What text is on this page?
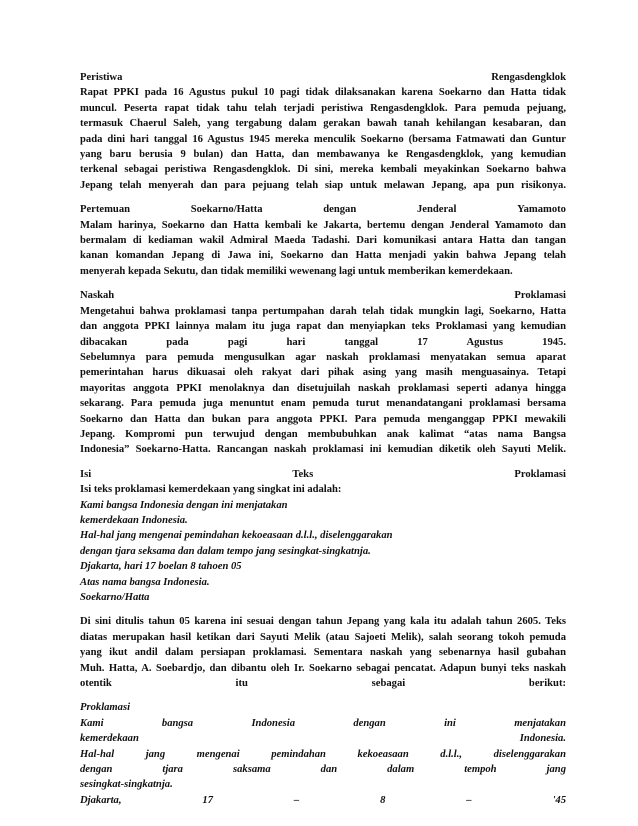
Peristiwa	Rengasdengklok
Rapat PPKI pada 16 Agustus pukul 10 pagi tidak dilaksanakan karena Soekarno dan Hatta tidak
muncul. Peserta rapat tidak tahu telah terjadi peristiwa Rengasdengklok. Para pemuda pejuang,
termasuk Chaerul Saleh, yang tergabung dalam gerakan bawah tanah kehilangan kesabaran, dan
pada dini hari tanggal 16 Agustus 1945 mereka menculik Soekarno (bersama Fatmawati dan Guntur
yang baru berusia 9 bulan) dan Hatta, dan membawanya ke Rengasdengklok, yang kemudian
terkenal sebagai peristiwa Rengasdengklok. Di sini, mereka kembali meyakinkan Soekarno bahwa
Jepang telah menyerah dan para pejuang telah siap untuk melawan Jepang, apa pun risikonya.
Pertemuan	Soekarno/Hatta	dengan	Jenderal	Yamamoto
Malam harinya, Soekarno dan Hatta kembali ke Jakarta, bertemu dengan Jenderal Yamamoto dan
bermalam di kediaman wakil Admiral Maeda Tadashi. Dari komunikasi antara Hatta dan tangan
kanan komandan Jepang di Jawa ini, Soekarno dan Hatta menjadi yakin bahwa Jepang telah
menyerah kepada Sekutu, dan tidak memiliki wewenang lagi untuk memberikan kemerdekaan.
Naskah	Proklamasi
Mengetahui bahwa proklamasi tanpa pertumpahan darah telah tidak mungkin lagi, Soekarno, Hatta
dan anggota PPKI lainnya malam itu juga rapat dan menyiapkan teks Proklamasi yang kemudian
dibacakan pada pagi hari tanggal 17 Agustus 1945.
Sebelumnya para pemuda mengusulkan agar naskah proklamasi menyatakan semua aparat
pemerintahan harus dikuasai oleh rakyat dari pihak asing yang masih menguasainya. Tetapi
mayoritas anggota PPKI menolaknya dan disetujuilah naskah proklamasi seperti adanya hingga
sekarang. Para pemuda juga menuntut enam pemuda turut menandatangani proklamasi bersama
Soekarno dan Hatta dan bukan para anggota PPKI. Para pemuda menganggap PPKI mewakili
Jepang. Kompromi pun terwujud dengan membubuhkan anak kalimat “atas nama Bangsa
Indonesia” Soekarno-Hatta. Rancangan naskah proklamasi ini kemudian diketik oleh Sayuti Melik.
Isi	Teks	Proklamasi
Isi teks proklamasi kemerdekaan yang singkat ini adalah:
Kami bangsa Indonesia dengan ini menjatakan
kemerdekaan Indonesia.
Hal-hal jang mengenai pemindahan kekoeasaan d.l.l., diselenggarakan
dengan tjara seksama dan dalam tempo jang sesingkat-singkatnja.
Djakarta, hari 17 boelan 8 tahoen 05
Atas nama bangsa Indonesia.
Soekarno/Hatta
Di sini ditulis tahun 05 karena ini sesuai dengan tahun Jepang yang kala itu adalah tahun 2605. Teks
diatas merupakan hasil ketikan dari Sayuti Melik (atau Sajoeti Melik), salah seorang tokoh pemuda
yang ikut andil dalam persiapan proklamasi. Sementara naskah yang sebenarnya hasil gubahan
Muh. Hatta, A. Soebardjo, dan dibantu oleh Ir. Soekarno sebagai pencatat. Adapun bunyi teks naskah
otentik itu sebagai berikut:
Proklamasi
Kami bangsa Indonesia dengan ini menjatakan
kemerdekaan Indonesia.
Hal-hal jang mengenai pemindahan kekoeasaan d.l.l., diselenggarakan
dengan tjara saksama dan dalam tempoh jang
sesingkat-singkatnja.
Djakarta, 17 – 8 – '45
